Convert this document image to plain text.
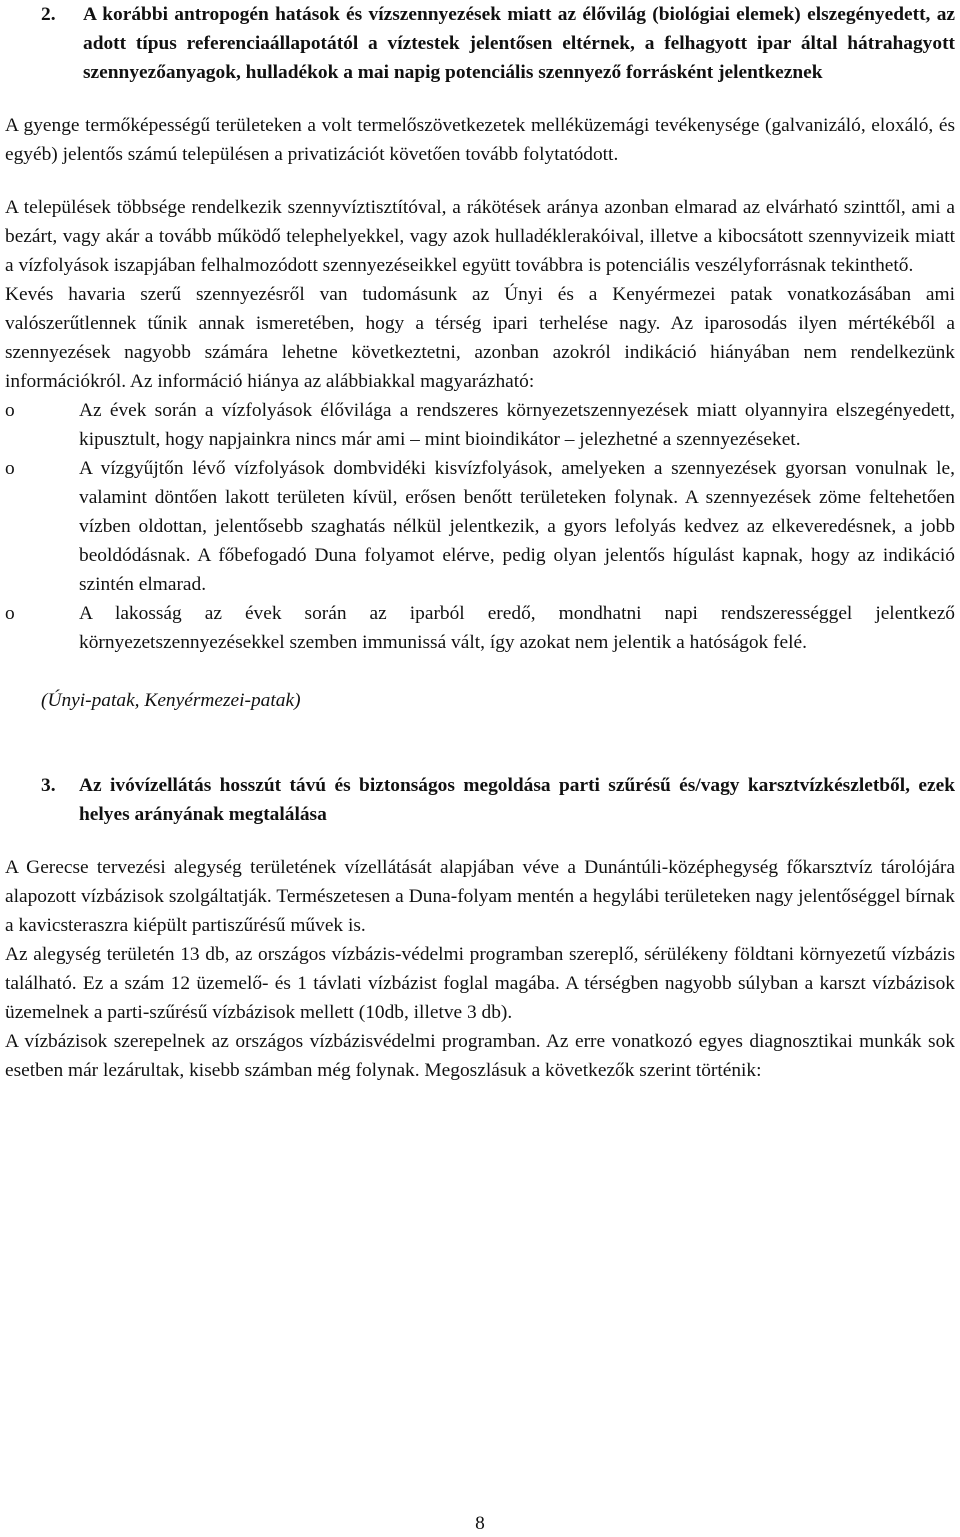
2.	A korábbi antropogén hatások és vízszennyezések miatt az élővilág (biológiai elemek) elszegényedett, az adott típus referenciaállapotától a víztestek jelentősen eltérnek, a felhagyott ipar által hátrahagyott szennyezőanyagok, hulladékok a mai napig potenciális szennyező forrásként jelentkeznek

A gyenge termőképességű területeken a volt termelőszövetkezetek melléküzemági tevékenysége (galvanizáló, eloxáló, és egyéb) jelentős számú településen a privatizációt követően tovább folytatódott.

A települések többsége rendelkezik szennyvíztisztítóval, a rákötések aránya azonban elmarad az elvárható szinttől, ami a bezárt, vagy akár a tovább működő telephelyekkel, vagy azok hulladéklerakóival, illetve a kibocsátott szennyvizeik miatt a vízfolyások iszapjában felhalmozódott szennyezéseikkel együtt továbbra is potenciális veszélyforrásnak tekinthető.

Kevés havaria szerű szennyezésről van tudomásunk az Únyi és a Kenyérmezei patak vonatkozásában ami valószerűtlennek tűnik annak ismeretében, hogy a térség ipari terhelése nagy. Az iparosodás ilyen mértékéből a szennyezések nagyobb számára lehetne következtetni, azonban azokról indikáció hiányában nem rendelkezünk információkról. Az információ hiánya az alábbiakkal magyarázható:

o	Az évek során a vízfolyások élővilága a rendszeres környezetszennyezések miatt olyannyira elszegényedett, kipusztult, hogy napjainkra nincs már ami – mint bioindikátor – jelezhetné a szennyezéseket.
o	A vízgyűjtőn lévő vízfolyások dombvidéki kisvízfolyások, amelyeken a szennyezések gyorsan vonulnak le, valamint döntően lakott területen kívül, erősen benőtt területeken folynak. A szennyezések zöme feltehetően vízben oldottan, jelentősebb szaghatás nélkül jelentkezik, a gyors lefolyás kedvez az elkeveredésnek, a jobb beoldódásnak. A főbefogadó Duna folyamot elérve, pedig olyan jelentős hígulást kapnak, hogy az indikáció szintén elmarad.
o	A lakosság az évek során az iparból eredő, mondhatni napi rendszerességgel jelentkező környezetszennyezésekkel szemben immunissá vált, így azokat nem jelentik a hatóságok felé.
(Únyi-patak, Kenyérmezei-patak)
3.	Az ivóvízellátás hosszút távú és biztonságos megoldása parti szűrésű és/vagy karsztvízkészletből, ezek helyes arányának megtalálása

A Gerecse tervezési alegység területének vízellátását alapjában véve a Dunántúli-középhegység főkarsztvíz tárolójára alapozott vízbázisok szolgáltatják. Természetesen a Duna-folyam mentén a hegylábi területeken nagy jelentőséggel bírnak a kavicsteraszra kiépült partiszűrésű művek is.

Az alegység területén 13 db, az országos vízbázis-védelmi programban szereplő, sérülékeny földtani környezetű vízbázis található. Ez a szám 12 üzemelő- és 1 távlati vízbázist foglal magába. A térségben nagyobb súlyban a karszt vízbázisok üzemelnek a parti-szűrésű vízbázisok mellett (10db, illetve 3 db).

A vízbázisok szerepelnek az országos vízbázisvédelmi programban. Az erre vonatkozó egyes diagnosztikai munkák sok esetben már lezárultak, kisebb számban még folynak. Megoszlásuk a következők szerint történik:

8
